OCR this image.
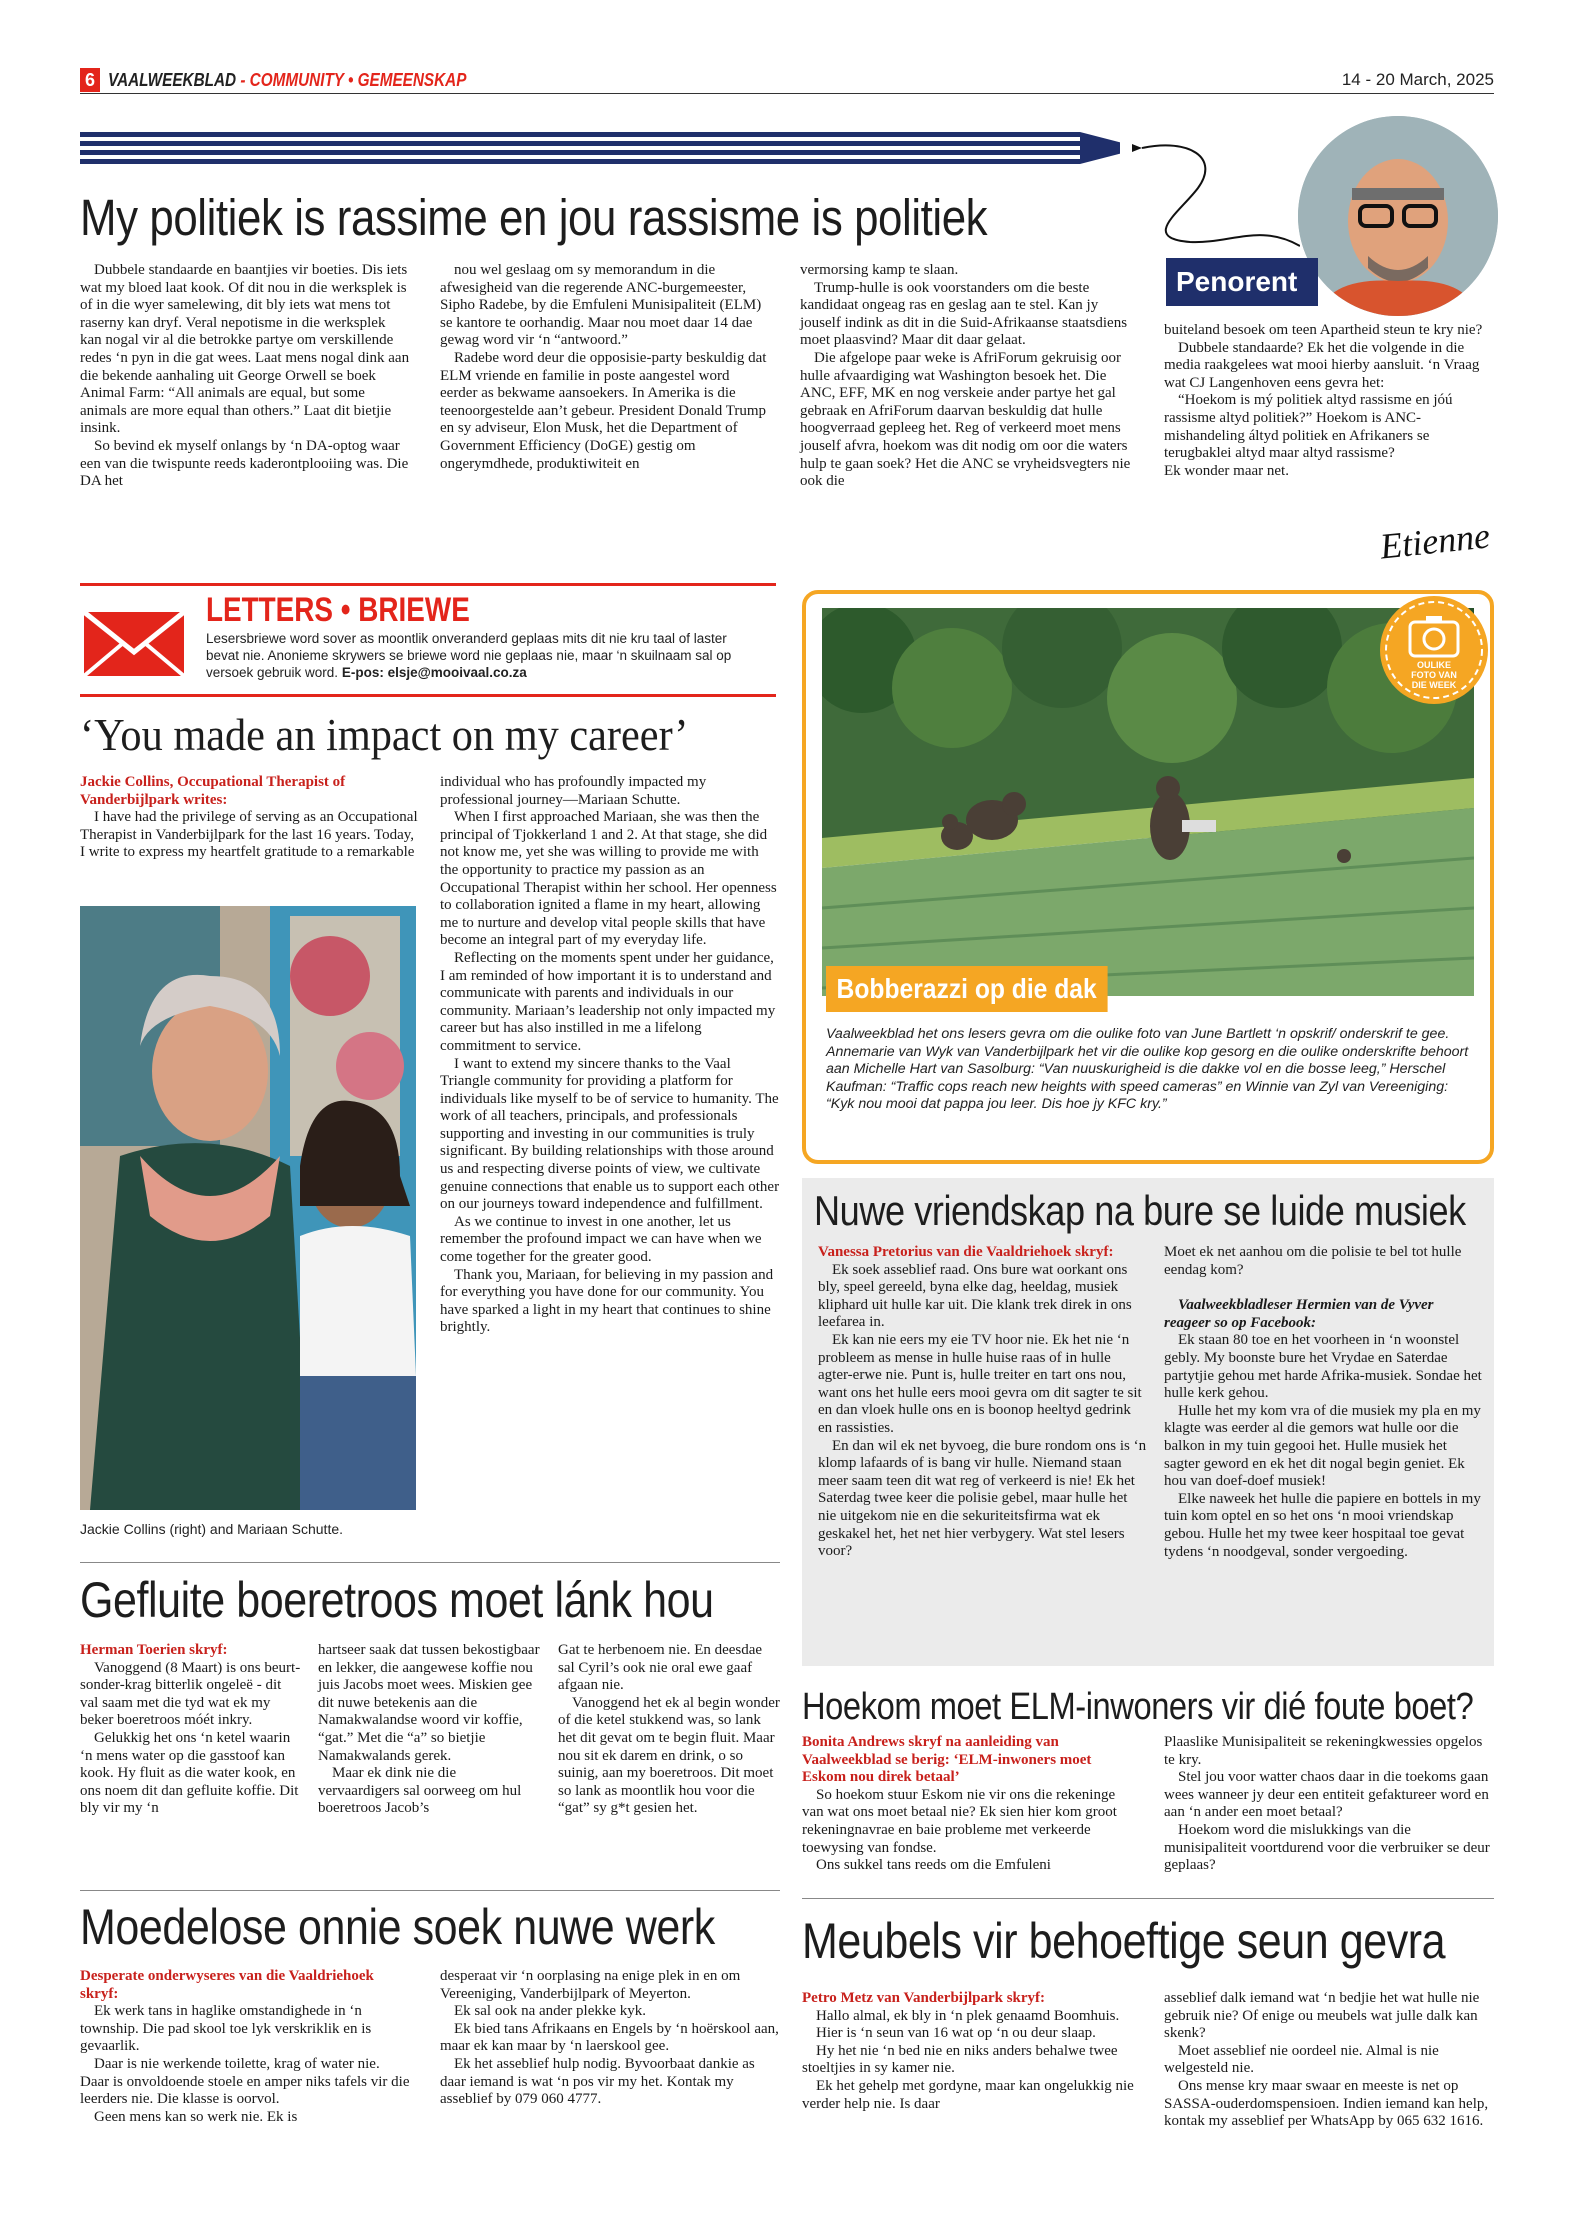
6 VAALWEEKBLAD - COMMUNITY • GEMEENSKAP	14 - 20 March, 2025
My politiek is rassime en jou rassisme is politiek
Penorent

Dubbele standaarde en baantjies vir boeties. Dis iets wat my bloed laat kook. Of dit nou in die werksplek is of in die wyer samelewing, dit bly iets wat mens tot raserny kan dryf. Veral nepotisme in die werksplek kan nogal vir al die betrokke partye om verskillende redes ‘n pyn in die gat wees. Laat mens nogal dink aan die bekende aanhaling uit George Orwell se boek Animal Farm: “All animals are equal, but some animals are more equal than others.” Laat dit bietjie insink.

So bevind ek myself onlangs by ‘n DA-optog waar een van die twispunte reeds kaderontplooiing was. Die DA het

nou wel geslaag om sy memorandum in die afwesigheid van die regerende ANC-burgemeester, Sipho Radebe, by die Emfuleni Munisipaliteit (ELM) se kantore te oorhandig. Maar nou moet daar 14 dae gewag word vir ‘n “antwoord.”

Radebe word deur die opposisie-party beskuldig dat ELM vriende en familie in poste aangestel word eerder as bekwame aansoekers. In Amerika is die teenoorgestelde aan’t gebeur. President Donald Trump en sy adviseur, Elon Musk, het die Department of Government Efficiency (DoGE) gestig om ongerymdhede, produktiwiteit en

vermorsing kamp te slaan.

Trump-hulle is ook voorstanders om die beste kandidaat ongeag ras en geslag aan te stel. Kan jy jouself indink as dit in die Suid-Afrikaanse staatsdiens moet plaasvind? Maar dit daar gelaat.

Die afgelope paar weke is AfriForum gekruisig oor hulle afvaardiging wat Washington besoek het. Die ANC, EFF, MK en nog verskeie ander partye het gal gebraak en AfriForum daarvan beskuldig dat hulle hoogverraad gepleeg het. Reg of verkeerd moet mens jouself afvra, hoekom was dit nodig om oor die waters hulp te gaan soek? Het die ANC se vryheidsvegters nie ook die

buiteland besoek om teen Apartheid steun te kry nie?

Dubbele standaarde? Ek het die volgende in die media raakgelees wat mooi hierby aansluit. ‘n Vraag wat CJ Langenhoven eens gevra het:

“Hoekom is mý politiek altyd rassisme en jóú rassisme altyd politiek?” Hoekom is ANC-mishandeling áltyd politiek en Afrikaners se terugbaklei altyd maar altyd rassisme?

Ek wonder maar net.

Etienne
LETTERS • BRIEWE
Lesersbriewe word sover as moontlik onveranderd geplaas mits dit nie kru taal of laster bevat nie. Anonieme skrywers se briewe word nie geplaas nie, maar ‘n skuilnaam sal op versoek gebruik word. E-pos: elsje@mooivaal.co.za
‘You made an impact on my career’

Jackie Collins, Occupational Therapist of Vanderbijlpark writes:

I have had the privilege of serving as an Occupational Therapist in Vanderbijlpark for the last 16 years. Today, I write to express my heartfelt gratitude to a remarkable

Jackie Collins (right) and Mariaan Schutte.

individual who has profoundly impacted my professional journey—Mariaan Schutte.

When I first approached Mariaan, she was then the principal of Tjokkerland 1 and 2. At that stage, she did not know me, yet she was willing to provide me with the opportunity to practice my passion as an Occupational Therapist within her school. Her openness to collaboration ignited a flame in my heart, allowing me to nurture and develop vital people skills that have become an integral part of my everyday life.

Reflecting on the moments spent under her guidance, I am reminded of how important it is to understand and communicate with parents and individuals in our community. Mariaan’s leadership not only impacted my career but has also instilled in me a lifelong commitment to service.

I want to extend my sincere thanks to the Vaal Triangle community for providing a platform for individuals like myself to be of service to humanity. The work of all teachers, principals, and professionals supporting and investing in our communities is truly significant. By building relationships with those around us and respecting diverse points of view, we cultivate genuine connections that enable us to support each other on our journeys toward independence and fulfillment.

As we continue to invest in one another, let us remember the profound impact we can have when we come together for the greater good.

Thank you, Mariaan, for believing in my passion and for everything you have done for our community. You have sparked a light in my heart that continues to shine brightly.

OULIKE
FOTO VAN
DIE WEEK
Bobberazzi op die dak
Vaalweekblad het ons lesers gevra om die oulike foto van June Bartlett ‘n opskrif/ onderskrif te gee. Annemarie van Wyk van Vanderbijlpark het vir die oulike kop gesorg en die oulike onderskrifte behoort aan Michelle Hart van Sasolburg: “Van nuuskurigheid is die dakke vol en die bosse leeg,” Herschel Kaufman: “Traffic cops reach new heights with speed cameras” en Winnie van Zyl van Vereeniging: “Kyk nou mooi dat pappa jou leer. Dis hoe jy KFC kry.”
Nuwe vriendskap na bure se luide musiek

Vanessa Pretorius van die Vaaldriehoek skryf:

Ek soek asseblief raad. Ons bure wat oorkant ons bly, speel gereeld, byna elke dag, heeldag, musiek kliphard uit hulle kar uit. Die klank trek direk in ons leefarea in.

Ek kan nie eers my eie TV hoor nie. Ek het nie ‘n probleem as mense in hulle huise raas of in hulle agter-erwe nie. Punt is, hulle treiter en tart ons nou, want ons het hulle eers mooi gevra om dit sagter te sit en dan vloek hulle ons en is boonop heeltyd gedrink en rassisties.

En dan wil ek net byvoeg, die bure rondom ons is ‘n klomp lafaards of is bang vir hulle. Niemand staan meer saam teen dit wat reg of verkeerd is nie! Ek het Saterdag twee keer die polisie gebel, maar hulle het nie uitgekom nie en die sekuriteitsfirma wat ek geskakel het, het net hier verbygery. Wat stel lesers voor?

Moet ek net aanhou om die polisie te bel tot hulle eendag kom?

Vaalweekbladleser Hermien van de Vyver reageer so op Facebook:

Ek staan 80 toe en het voorheen in ‘n woonstel gebly. My boonste bure het Vrydae en Saterdae partytjie gehou met harde Afrika-musiek. Sondae het hulle kerk gehou.

Hulle het my kom vra of die musiek my pla en my klagte was eerder al die gemors wat hulle oor die balkon in my tuin gegooi het. Hulle musiek het sagter geword en ek het dit nogal begin geniet. Ek hou van doef-doef musiek!

Elke naweek het hulle die papiere en bottels in my tuin kom optel en so het ons ‘n mooi vriendskap gebou. Hulle het my twee keer hospitaal toe gevat tydens ‘n noodgeval, sonder vergoeding.

Gefluite boeretroos moet lánk hou

Herman Toerien skryf:

Vanoggend (8 Maart) is ons beurt-sonder-krag bitterlik ongeleë - dit val saam met die tyd wat ek my beker boeretroos móét inkry.

Gelukkig het ons ‘n ketel waarin ‘n mens water op die gasstoof kan kook. Hy fluit as die water kook, en ons noem dit dan gefluite koffie. Dit bly vir my ‘n

hartseer saak dat tussen bekostigbaar en lekker, die aangewese koffie nou juis Jacobs moet wees. Miskien gee dit nuwe betekenis aan die Namakwalandse woord vir koffie, “gat.” Met die “a” so bietjie Namakwalands gerek.

Maar ek dink nie die vervaardigers sal oorweeg om hul boeretroos Jacob’s

Gat te herbenoem nie. En deesdae sal Cyril’s ook nie oral ewe gaaf afgaan nie.

Vanoggend het ek al begin wonder of die ketel stukkend was, so lank het dit gevat om te begin fluit. Maar nou sit ek darem en drink, o so suinig, aan my boeretroos. Dit moet so lank as moontlik hou voor die “gat” sy g*t gesien het.

Hoekom moet ELM-inwoners vir dié foute boet?

Bonita Andrews skryf na aanleiding van Vaalweekblad se berig: ‘ELM-inwoners moet Eskom nou direk betaal’

So hoekom stuur Eskom nie vir ons die rekeninge van wat ons moet betaal nie? Ek sien hier kom groot rekeningnavrae en baie probleme met verkeerde toewysing van fondse.

Ons sukkel tans reeds om die Emfuleni

Plaaslike Munisipaliteit se rekeningkwessies opgelos te kry.

Stel jou voor watter chaos daar in die toekoms gaan wees wanneer jy deur een entiteit gefaktureer word en aan ‘n ander een moet betaal?

Hoekom word die mislukkings van die munisipaliteit voortdurend voor die verbruiker se deur geplaas?

Moedelose onnie soek nuwe werk

Desperate onderwyseres van die Vaaldriehoek skryf:

Ek werk tans in haglike omstandighede in ‘n township. Die pad skool toe lyk verskriklik en is gevaarlik.

Daar is nie werkende toilette, krag of water nie. Daar is onvoldoende stoele en amper niks tafels vir die leerders nie. Die klasse is oorvol.

Geen mens kan so werk nie. Ek is

desperaat vir ‘n oorplasing na enige plek in en om Vereeniging, Vanderbijlpark of Meyerton.

Ek sal ook na ander plekke kyk.

Ek bied tans Afrikaans en Engels by ‘n hoërskool aan, maar ek kan maar by ‘n laerskool gee.

Ek het asseblief hulp nodig. Byvoorbaat dankie as daar iemand is wat ‘n pos vir my het. Kontak my asseblief by 079 060 4777.

Meubels vir behoeftige seun gevra

Petro Metz van Vanderbijlpark skryf:

Hallo almal, ek bly in ‘n plek genaamd Boomhuis.

Hier is ‘n seun van 16 wat op ‘n ou deur slaap.

Hy het nie ‘n bed nie en niks anders behalwe twee stoeltjies in sy kamer nie.

Ek het gehelp met gordyne, maar kan ongelukkig nie verder help nie. Is daar

asseblief dalk iemand wat ‘n bedjie het wat hulle nie gebruik nie? Of enige ou meubels wat julle dalk kan skenk?

Moet asseblief nie oordeel nie. Almal is nie welgesteld nie.

Ons mense kry maar swaar en meeste is net op SASSA-ouderdomspensioen. Indien iemand kan help, kontak my asseblief per WhatsApp by 065 632 1616.
